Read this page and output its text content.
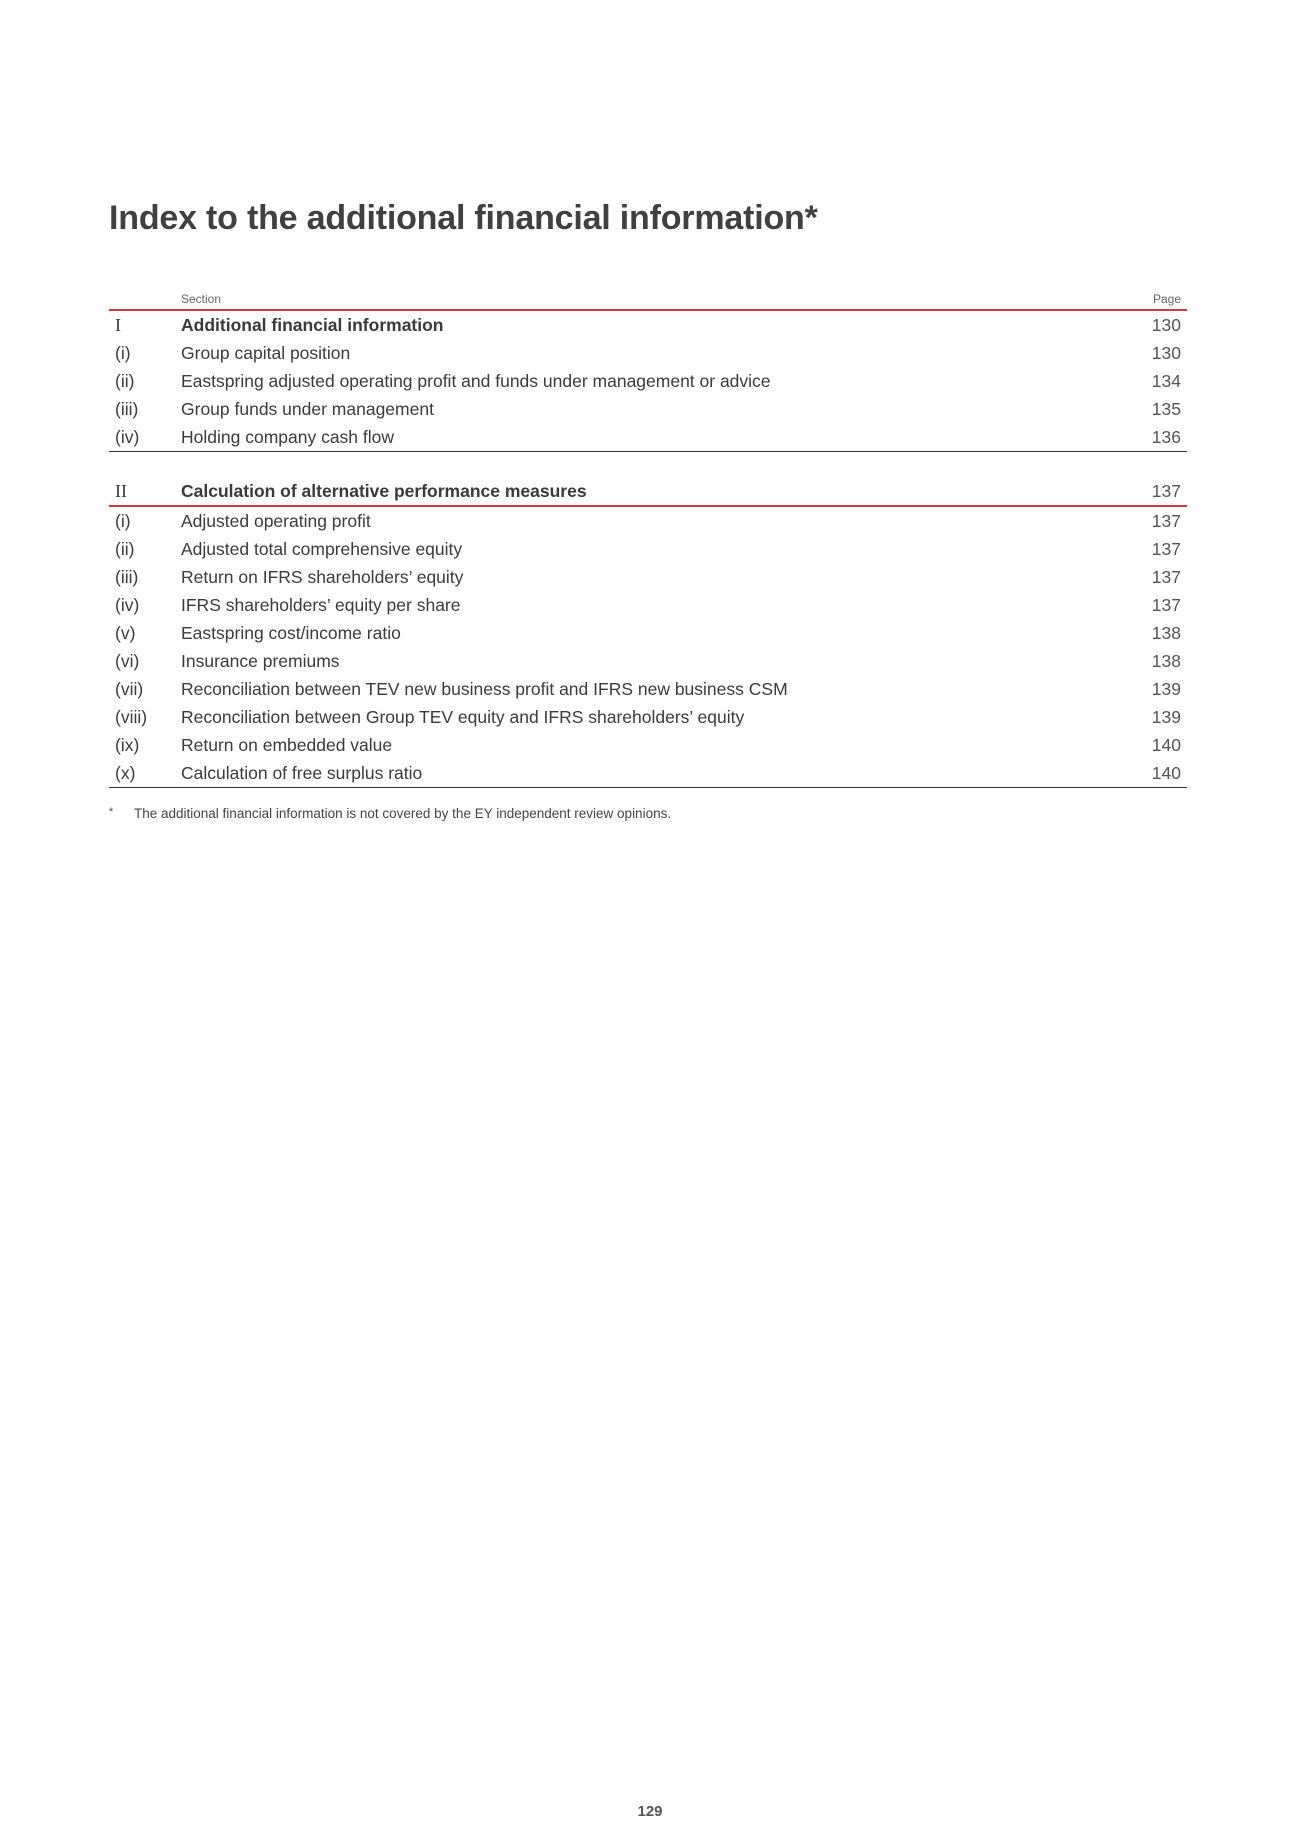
Index to the additional financial information*
Section	Page
I	Additional financial information	130
(i)	Group capital position	130
(ii)	Eastspring adjusted operating profit and funds under management or advice	134
(iii) Group funds under management	135
(iv) Holding company cash flow	136
II	Calculation of alternative performance measures	137
(i)	Adjusted operating profit	137
(ii)	Adjusted total comprehensive equity	137
(iii) Return on IFRS shareholders’ equity	137
(iv) IFRS shareholders’ equity per share	137
(v)	Eastspring cost/income ratio	138
(vi) Insurance premiums	138
(vii) Reconciliation between TEV new business profit and IFRS new business CSM	139
(viii) Reconciliation between Group TEV equity and IFRS shareholders’ equity	139
(ix) Return on embedded value	140
(x)	Calculation of free surplus ratio	140
* The additional financial information is not covered by the EY independent review opinions.
129
